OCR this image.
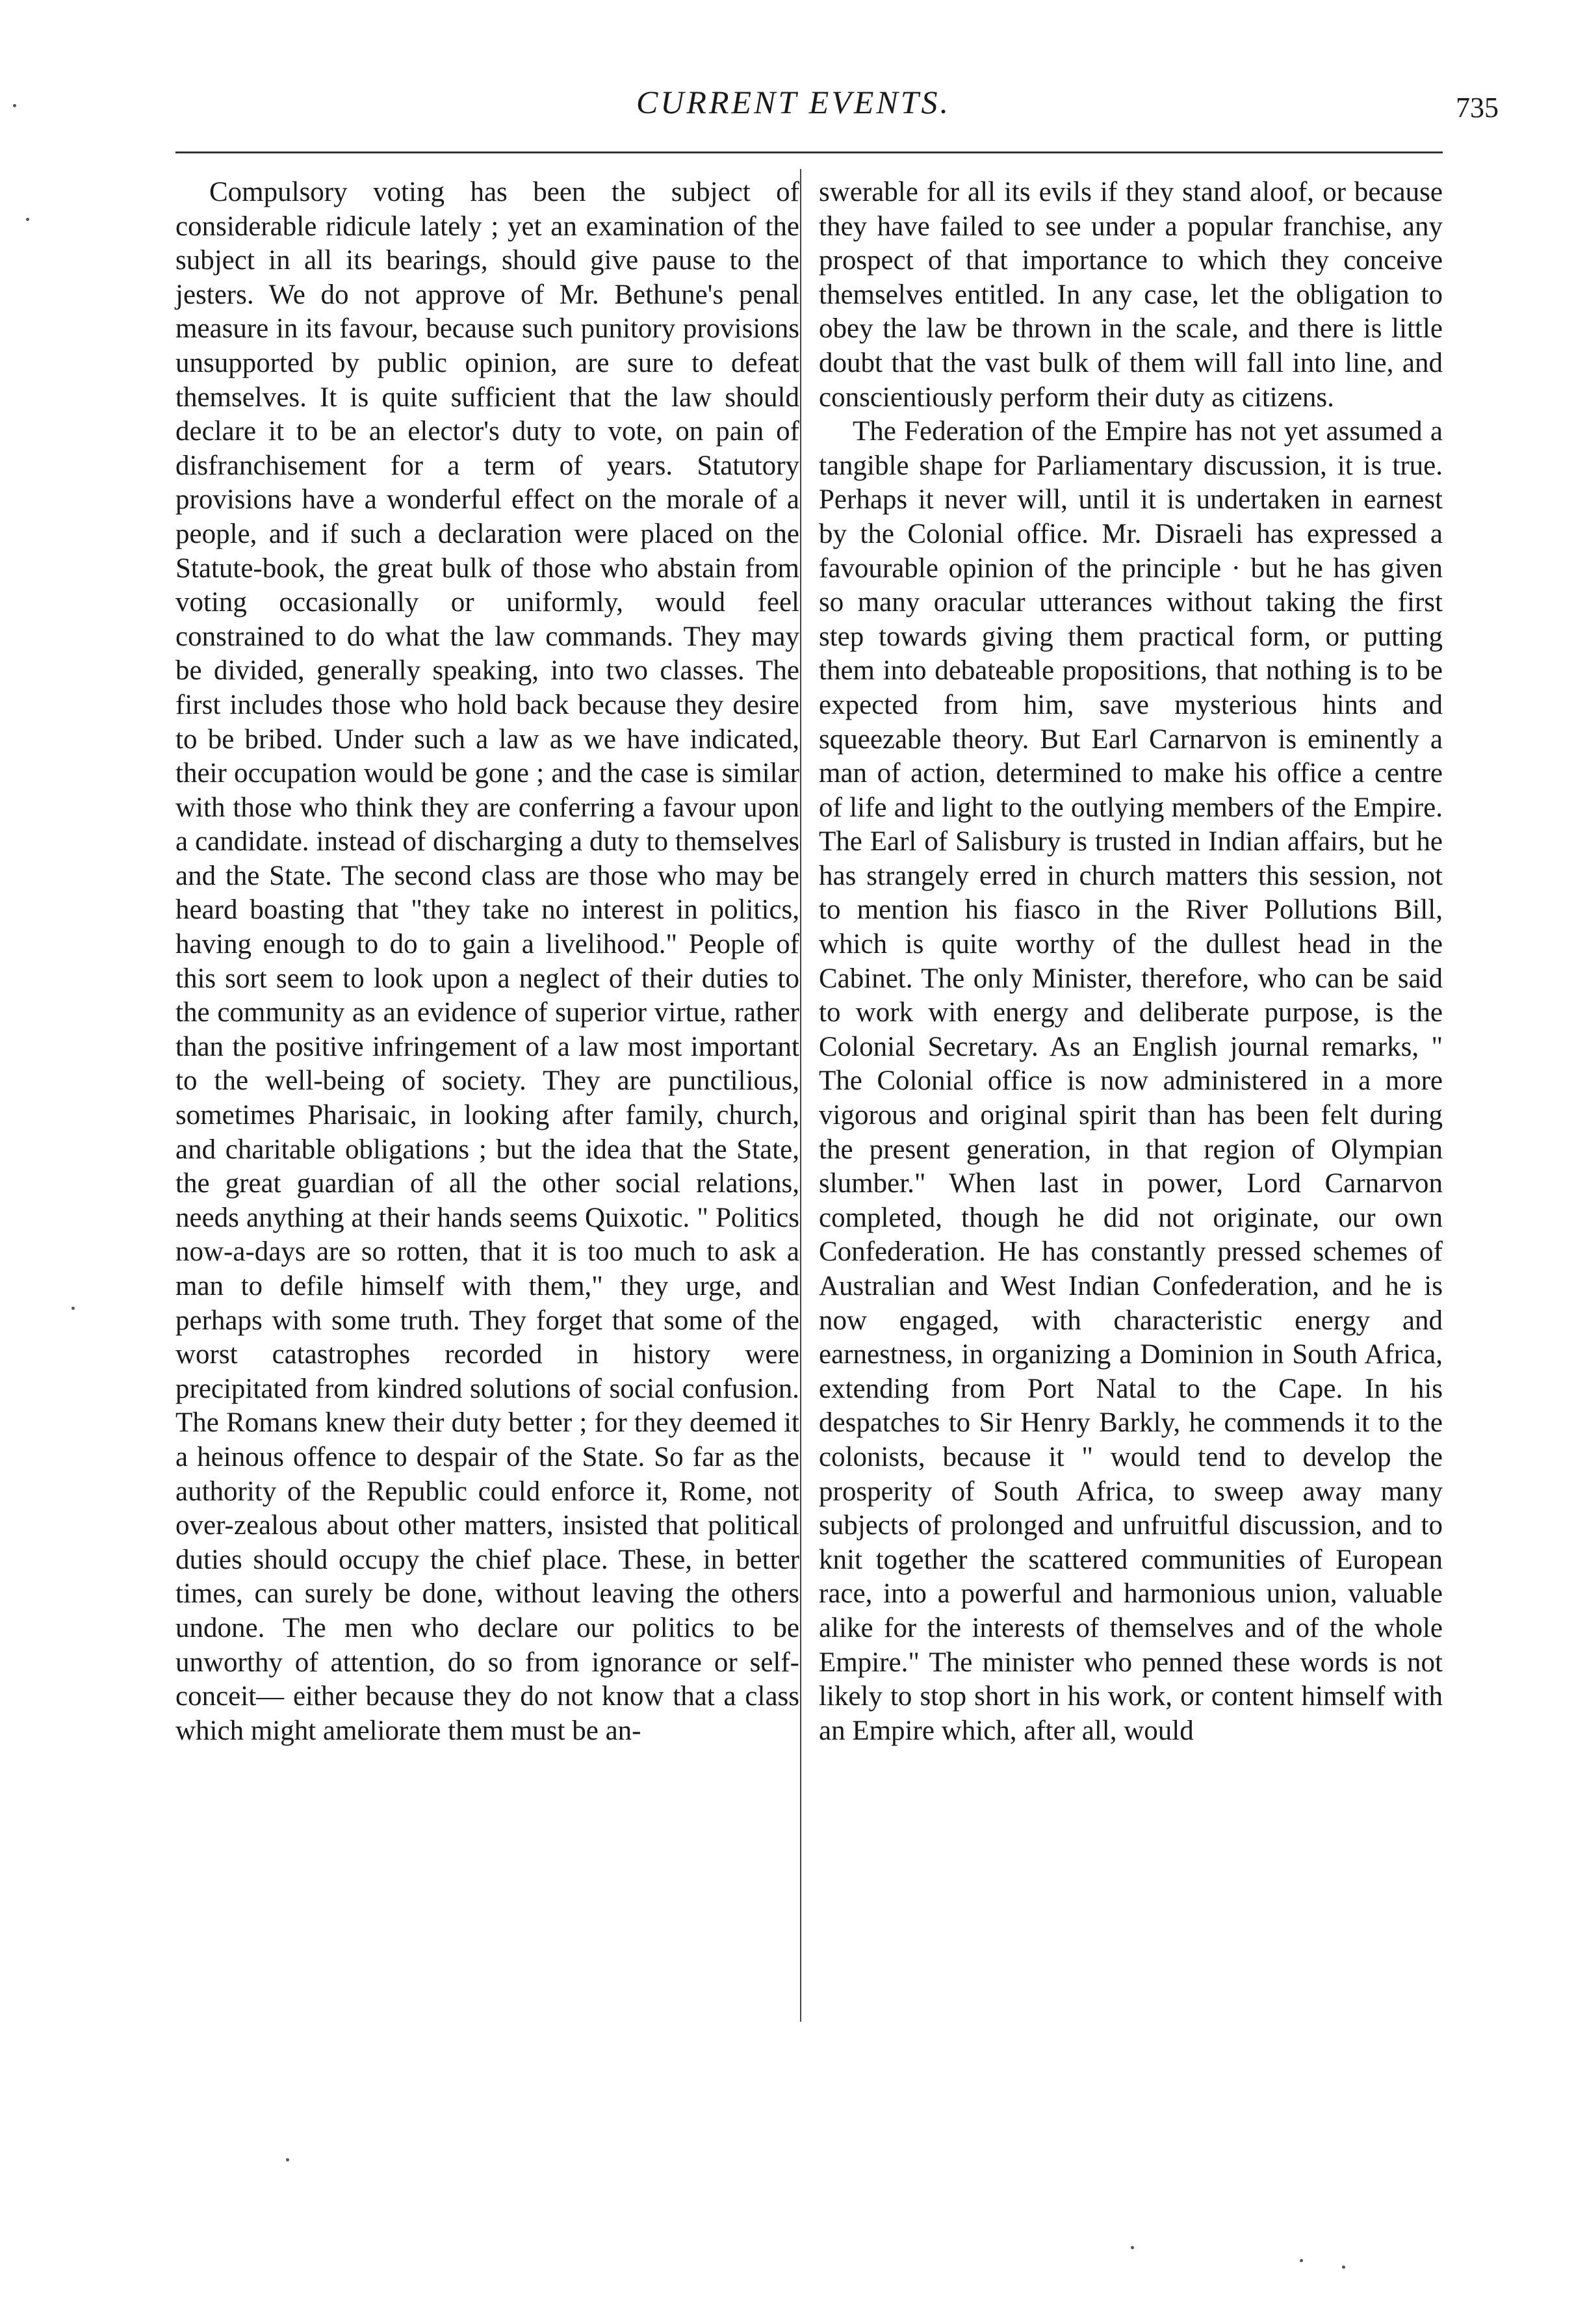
CURRENT EVENTS.	735

Compulsory voting has been the subject of considerable ridicule lately ; yet an examination of the subject in all its bearings, should give pause to the jesters. We do not approve of Mr. Bethune's penal measure in its favour, because such punitory provisions unsupported by public opinion, are sure to defeat themselves. It is quite sufficient that the law should declare it to be an elector's duty to vote, on pain of disfranchisement for a term of years. Statutory provisions have a wonderful effect on the morale of a people, and if such a declaration were placed on the Statute-book, the great bulk of those who abstain from voting occasionally or uniformly, would feel constrained to do what the law commands. They may be divided, generally speaking, into two classes. The first includes those who hold back because they desire to be bribed. Under such a law as we have indicated, their occupation would be gone ; and the case is similar with those who think they are conferring a favour upon a candidate. instead of discharging a duty to themselves and the State. The second class are those who may be heard boasting that "they take no interest in politics, having enough to do to gain a livelihood." People of this sort seem to look upon a neglect of their duties to the community as an evidence of superior virtue, rather than the positive infringement of a law most important to the well-being of society. They are punctilious, sometimes Pharisaic, in looking after family, church, and charitable obligations ; but the idea that the State, the great guardian of all the other social relations, needs anything at their hands seems Quixotic. " Politics now-a-days are so rotten, that it is too much to ask a man to defile himself with them," they urge, and perhaps with some truth. They forget that some of the worst catastrophes recorded in history were precipitated from kindred solutions of social confusion. The Romans knew their duty better ; for they deemed it a heinous offence to despair of the State. So far as the authority of the Republic could enforce it, Rome, not over-zealous about other matters, insisted that political duties should occupy the chief place. These, in better times, can surely be done, without leaving the others undone. The men who declare our politics to be unworthy of attention, do so from ignorance or self-conceit— either because they do not know that a class which might ameliorate them must be an-

swerable for all its evils if they stand aloof, or because they have failed to see under a popular franchise, any prospect of that importance to which they conceive themselves entitled. In any case, let the obligation to obey the law be thrown in the scale, and there is little doubt that the vast bulk of them will fall into line, and conscientiously perform their duty as citizens.

The Federation of the Empire has not yet assumed a tangible shape for Parliamentary discussion, it is true. Perhaps it never will, until it is undertaken in earnest by the Colonial office. Mr. Disraeli has expressed a favourable opinion of the principle · but he has given so many oracular utterances without taking the first step towards giving them practical form, or putting them into debateable propositions, that nothing is to be expected from him, save mysterious hints and squeezable theory. But Earl Carnarvon is eminently a man of action, determined to make his office a centre of life and light to the outlying members of the Empire. The Earl of Salisbury is trusted in Indian affairs, but he has strangely erred in church matters this session, not to mention his fiasco in the River Pollutions Bill, which is quite worthy of the dullest head in the Cabinet. The only Minister, therefore, who can be said to work with energy and deliberate purpose, is the Colonial Secretary. As an English journal remarks, " The Colonial office is now administered in a more vigorous and original spirit than has been felt during the present generation, in that region of Olympian slumber." When last in power, Lord Carnarvon completed, though he did not originate, our own Confederation. He has constantly pressed schemes of Australian and West Indian Confederation, and he is now engaged, with characteristic energy and earnestness, in organizing a Dominion in South Africa, extending from Port Natal to the Cape. In his despatches to Sir Henry Barkly, he commends it to the colonists, because it " would tend to develop the prosperity of South Africa, to sweep away many subjects of prolonged and unfruitful discussion, and to knit together the scattered communities of European race, into a powerful and harmonious union, valuable alike for the interests of themselves and of the whole Empire." The minister who penned these words is not likely to stop short in his work, or content himself with an Empire which, after all, would
